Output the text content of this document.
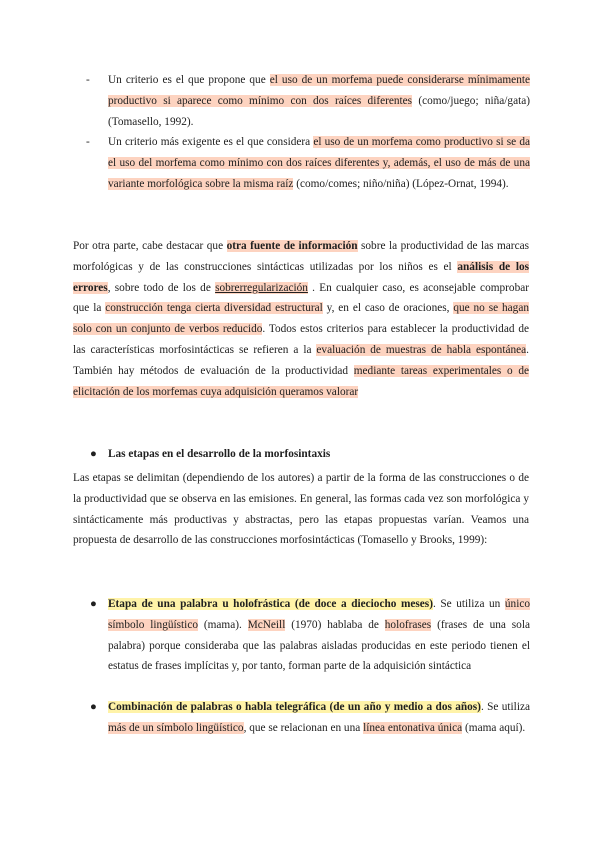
-	Un criterio es el que propone que el uso de un morfema puede considerarse mínimamente productivo si aparece como mínimo con dos raíces diferentes (como/juego; niña/gata) (Tomasello, 1992).
-	Un criterio más exigente es el que considera el uso de un morfema como productivo si se da el uso del morfema como mínimo con dos raíces diferentes y, además, el uso de más de una variante morfológica sobre la misma raíz (como/comes; niño/niña) (López-Ornat, 1994).

Por otra parte, cabe destacar que otra fuente de información sobre la productividad de las marcas morfológicas y de las construcciones sintácticas utilizadas por los niños es el análisis de los errores, sobre todo de los de sobrerregularización . En cualquier caso, es aconsejable comprobar que la construcción tenga cierta diversidad estructural y, en el caso de oraciones, que no se hagan solo con un conjunto de verbos reducido. Todos estos criterios para establecer la productividad de las características morfosintácticas se refieren a la evaluación de muestras de habla espontánea. También hay métodos de evaluación de la productividad mediante tareas experimentales o de elicitación de los morfemas cuya adquisición queramos valorar

● Las etapas en el desarrollo de la morfosintaxis

Las etapas se delimitan (dependiendo de los autores) a partir de la forma de las construcciones o de la productividad que se observa en las emisiones. En general, las formas cada vez son morfológica y sintácticamente más productivas y abstractas, pero las etapas propuestas varían. Veamos una propuesta de desarrollo de las construcciones morfosintácticas (Tomasello y Brooks, 1999):

● Etapa de una palabra u holofrástica (de doce a dieciocho meses). Se utiliza un único símbolo lingüístico (mama). McNeill (1970) hablaba de holofrases (frases de una sola palabra) porque consideraba que las palabras aisladas producidas en este periodo tienen el estatus de frases implícitas y, por tanto, forman parte de la adquisición sintáctica
● Combinación de palabras o habla telegráfica (de un año y medio a dos años). Se utiliza más de un símbolo lingüístico, que se relacionan en una línea entonativa única (mama aquí).
